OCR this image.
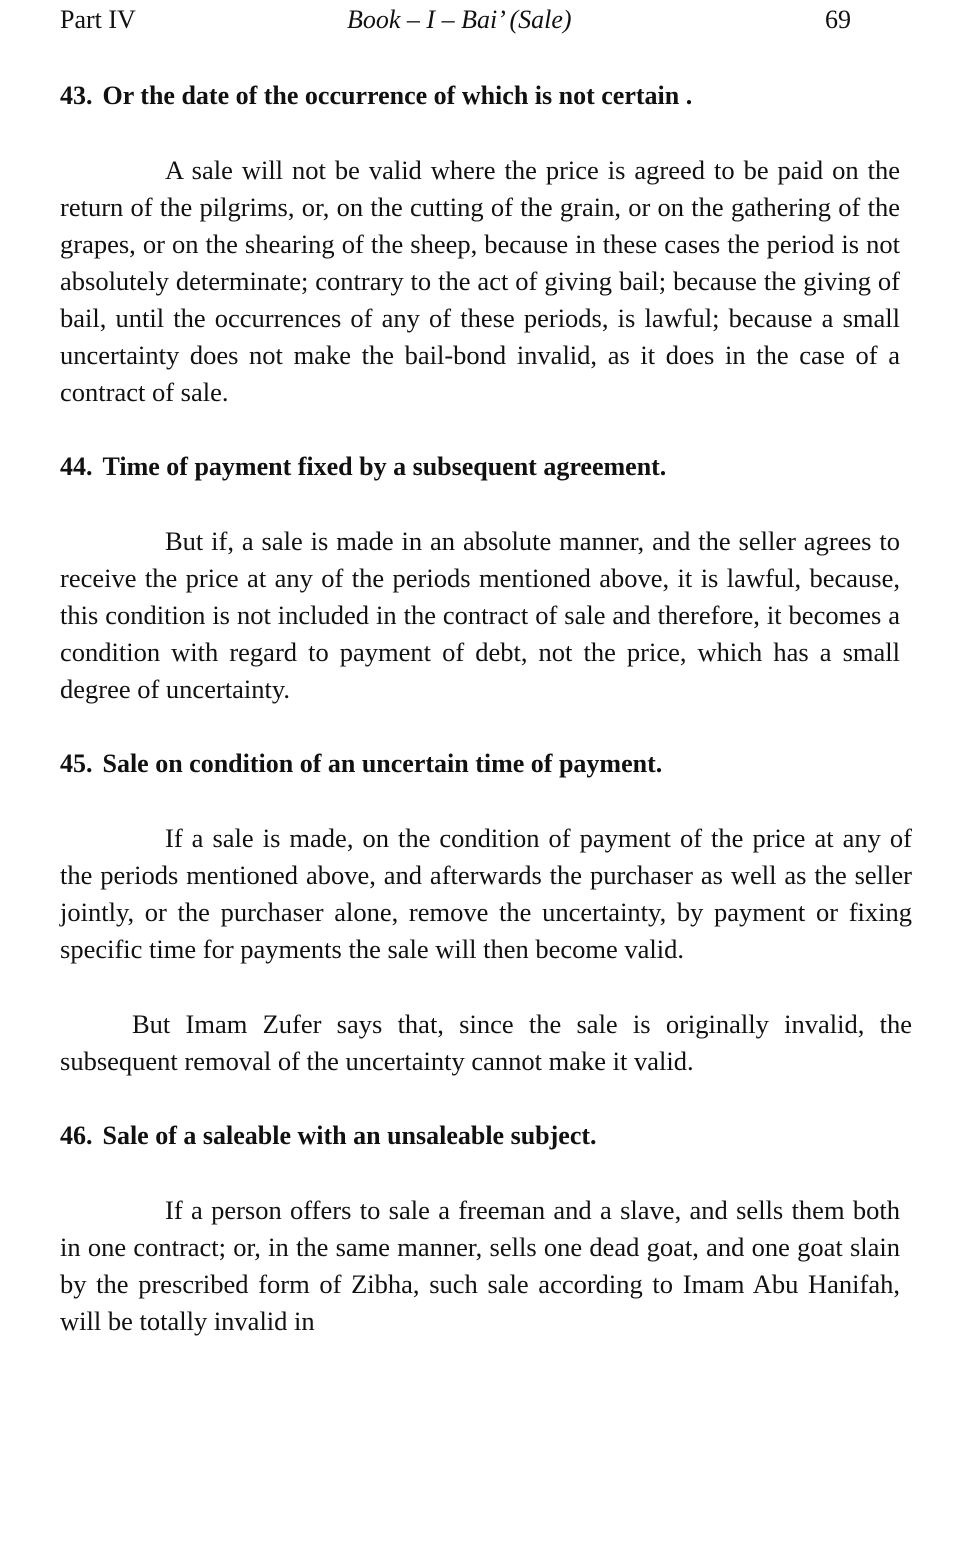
Part IV	Book – I – Bai’ (Sale)	69

43. Or the date of the occurrence of which is not certain .

A sale will not be valid where the price is agreed to be paid on the return of the pilgrims, or, on the cutting of the grain, or on the gathering of the grapes, or on the shearing of the sheep, because in these cases the period is not absolutely determinate; contrary to the act of giving bail; because the giving of bail, until the occurrences of any of these periods, is lawful; because a small uncertainty does not make the bail-bond invalid, as it does in the case of a contract of sale.

44. Time of payment fixed by a subsequent agreement.

But if, a sale is made in an absolute manner, and the seller agrees to receive the price at any of the periods mentioned above, it is lawful, because, this condition is not included in the contract of sale and therefore, it becomes a condition with regard to payment of debt, not the price, which has a small degree of uncertainty.

45. Sale on condition of an uncertain time of payment.

If a sale is made, on the condition of payment of the price at any of the periods mentioned above, and afterwards the purchaser as well as the seller jointly, or the purchaser alone, remove the uncertainty, by payment or fixing specific time for payments the sale will then become valid.

But Imam Zufer says that, since the sale is originally invalid, the subsequent removal of the uncertainty cannot make it valid.

46. Sale of a saleable with an unsaleable subject.

If a person offers to sale a freeman and a slave, and sells them both in one contract; or, in the same manner, sells one dead goat, and one goat slain by the prescribed form of Zibha, such sale according to Imam Abu Hanifah, will be totally invalid in
